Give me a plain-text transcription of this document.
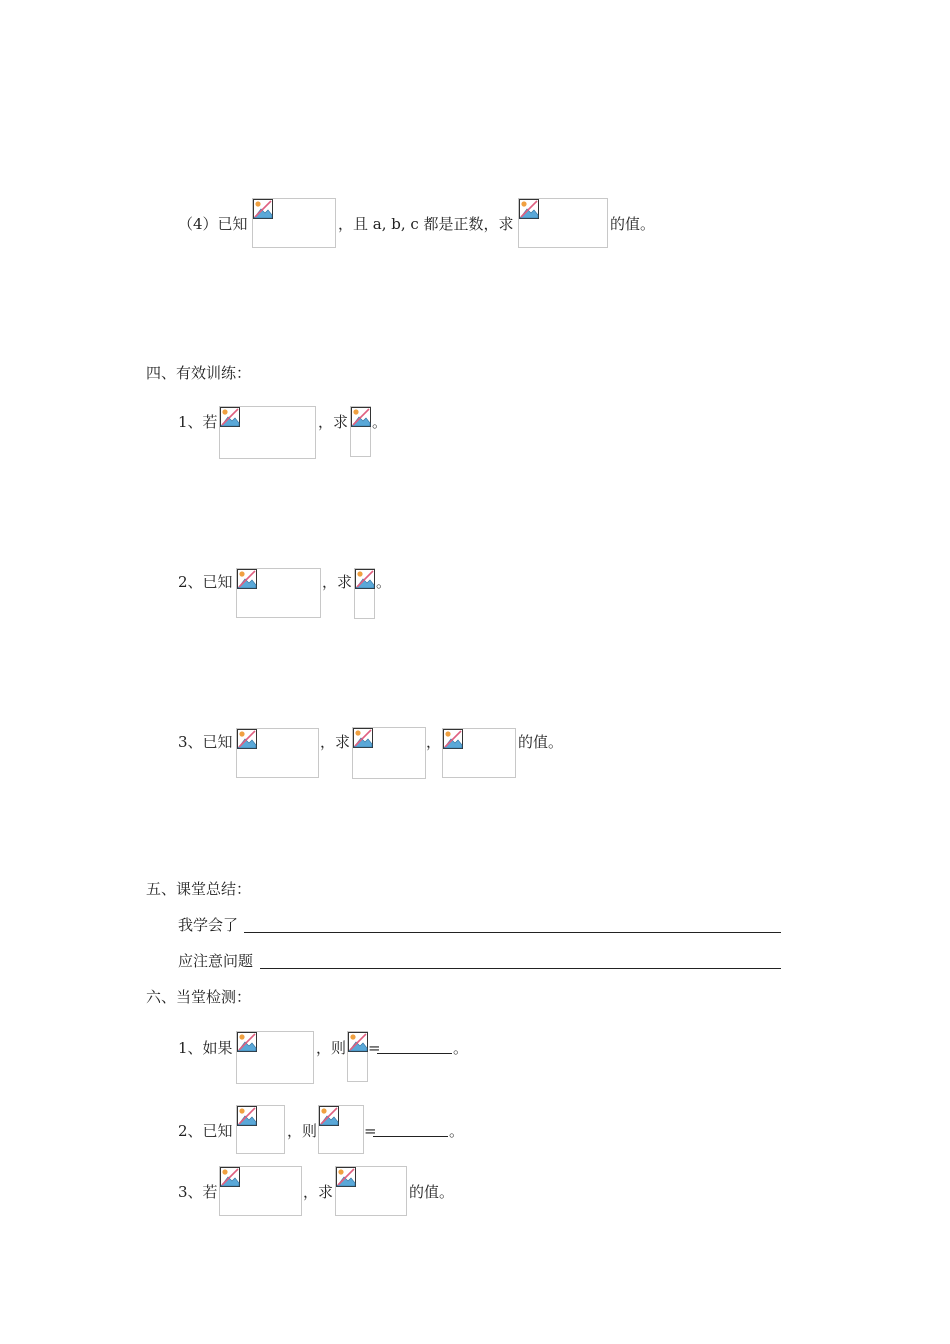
（4）已知	，且 a, b, c 都是正数，求	的值。
四、有效训练：
1、若	，求 。
2、已知	，求 。
3、已知	，求	，	的值。
五、课堂总结：
我学会了
应注意问题
六、当堂检测：
1、如果	，则 =	。
2、已知	，则	=	。
3、若	，求	的值。
